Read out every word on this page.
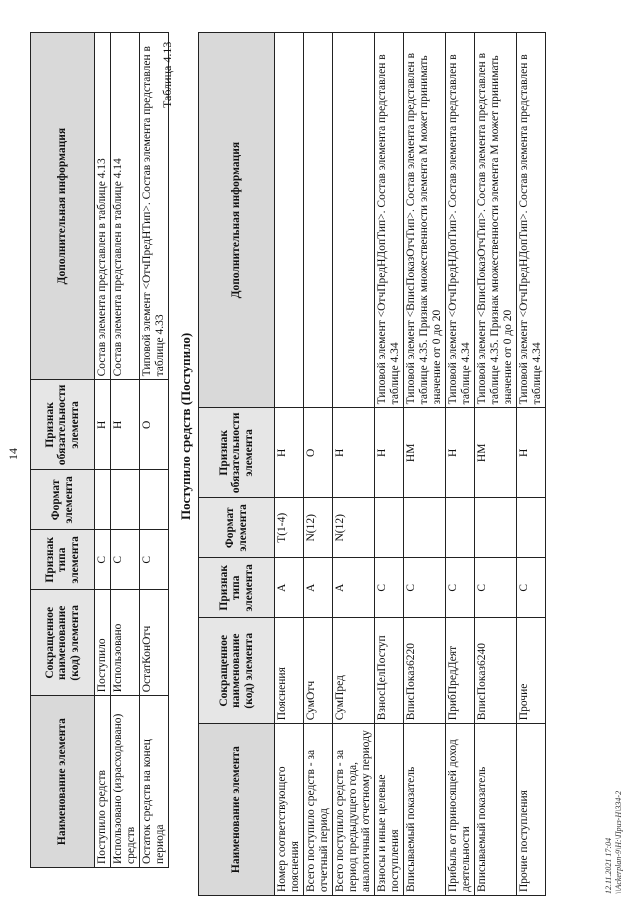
14
Наименование элемента	Сокращенное наименование (код) элемента	Признак типа элемента	Формат элемента	Признак обязательности элемента	Дополнительная информация
Поступило средств	Поступило	С		Н	Состав элемента представлен в таблице 4.13
Использовано (израсходовано) средств	Использовано	С		Н	Состав элемента представлен в таблице 4.14
Остаток средств на конец периода	ОстатКонОтч	С		О	Типовой элемент <ОтчПредНТип>. Состав элемента представлен в таблице 4.33
Таблица 4.13
Поступило средств (Поступило)
Наименование элемента	Сокращенное наименование (код) элемента	Признак типа элемента	Формат элемента	Признак обязательности элемента	Дополнительная информация
Номер соответствующего пояснения	Пояснения	А	T(1-4)	Н	
Всего поступило средств - за отчетный период	СумОтч	А	N(12)	О	
Всего поступило средств - за период предыдущего года, аналогичный отчетному периоду	СумПред	А	N(12)	Н	
Взносы и иные целевые поступления	ВзносЦелПоступ	С		Н	Типовой элемент <ОтчПредНДопТип>. Состав элемента представлен в таблице 4.34
Вписываемый показатель	ВписПоказ6220	С		НМ	Типовой элемент <ВписПоказОтчТип>. Состав элемента представлен в таблице 4.35. Признак множественности элемента М может принимать значение от 0 до 20
Прибыль от приносящей доход деятельности	ПрибПредДеят	С		Н	Типовой элемент <ОтчПредНДопТип>. Состав элемента представлен в таблице 4.34
Вписываемый показатель	ВписПоказ6240	С		НМ	Типовой элемент <ВписПоказОтчТип>. Состав элемента представлен в таблице 4.35. Признак множественности элемента М может принимать значение от 0 до 20
Прочие поступления	Прочие	С		Н	Типовой элемент <ОтчПредНДопТип>. Состав элемента представлен в таблице 4.34
12.11.2021 17:04 \\Ackerplan-9\H:\Приз-Н\334-2
